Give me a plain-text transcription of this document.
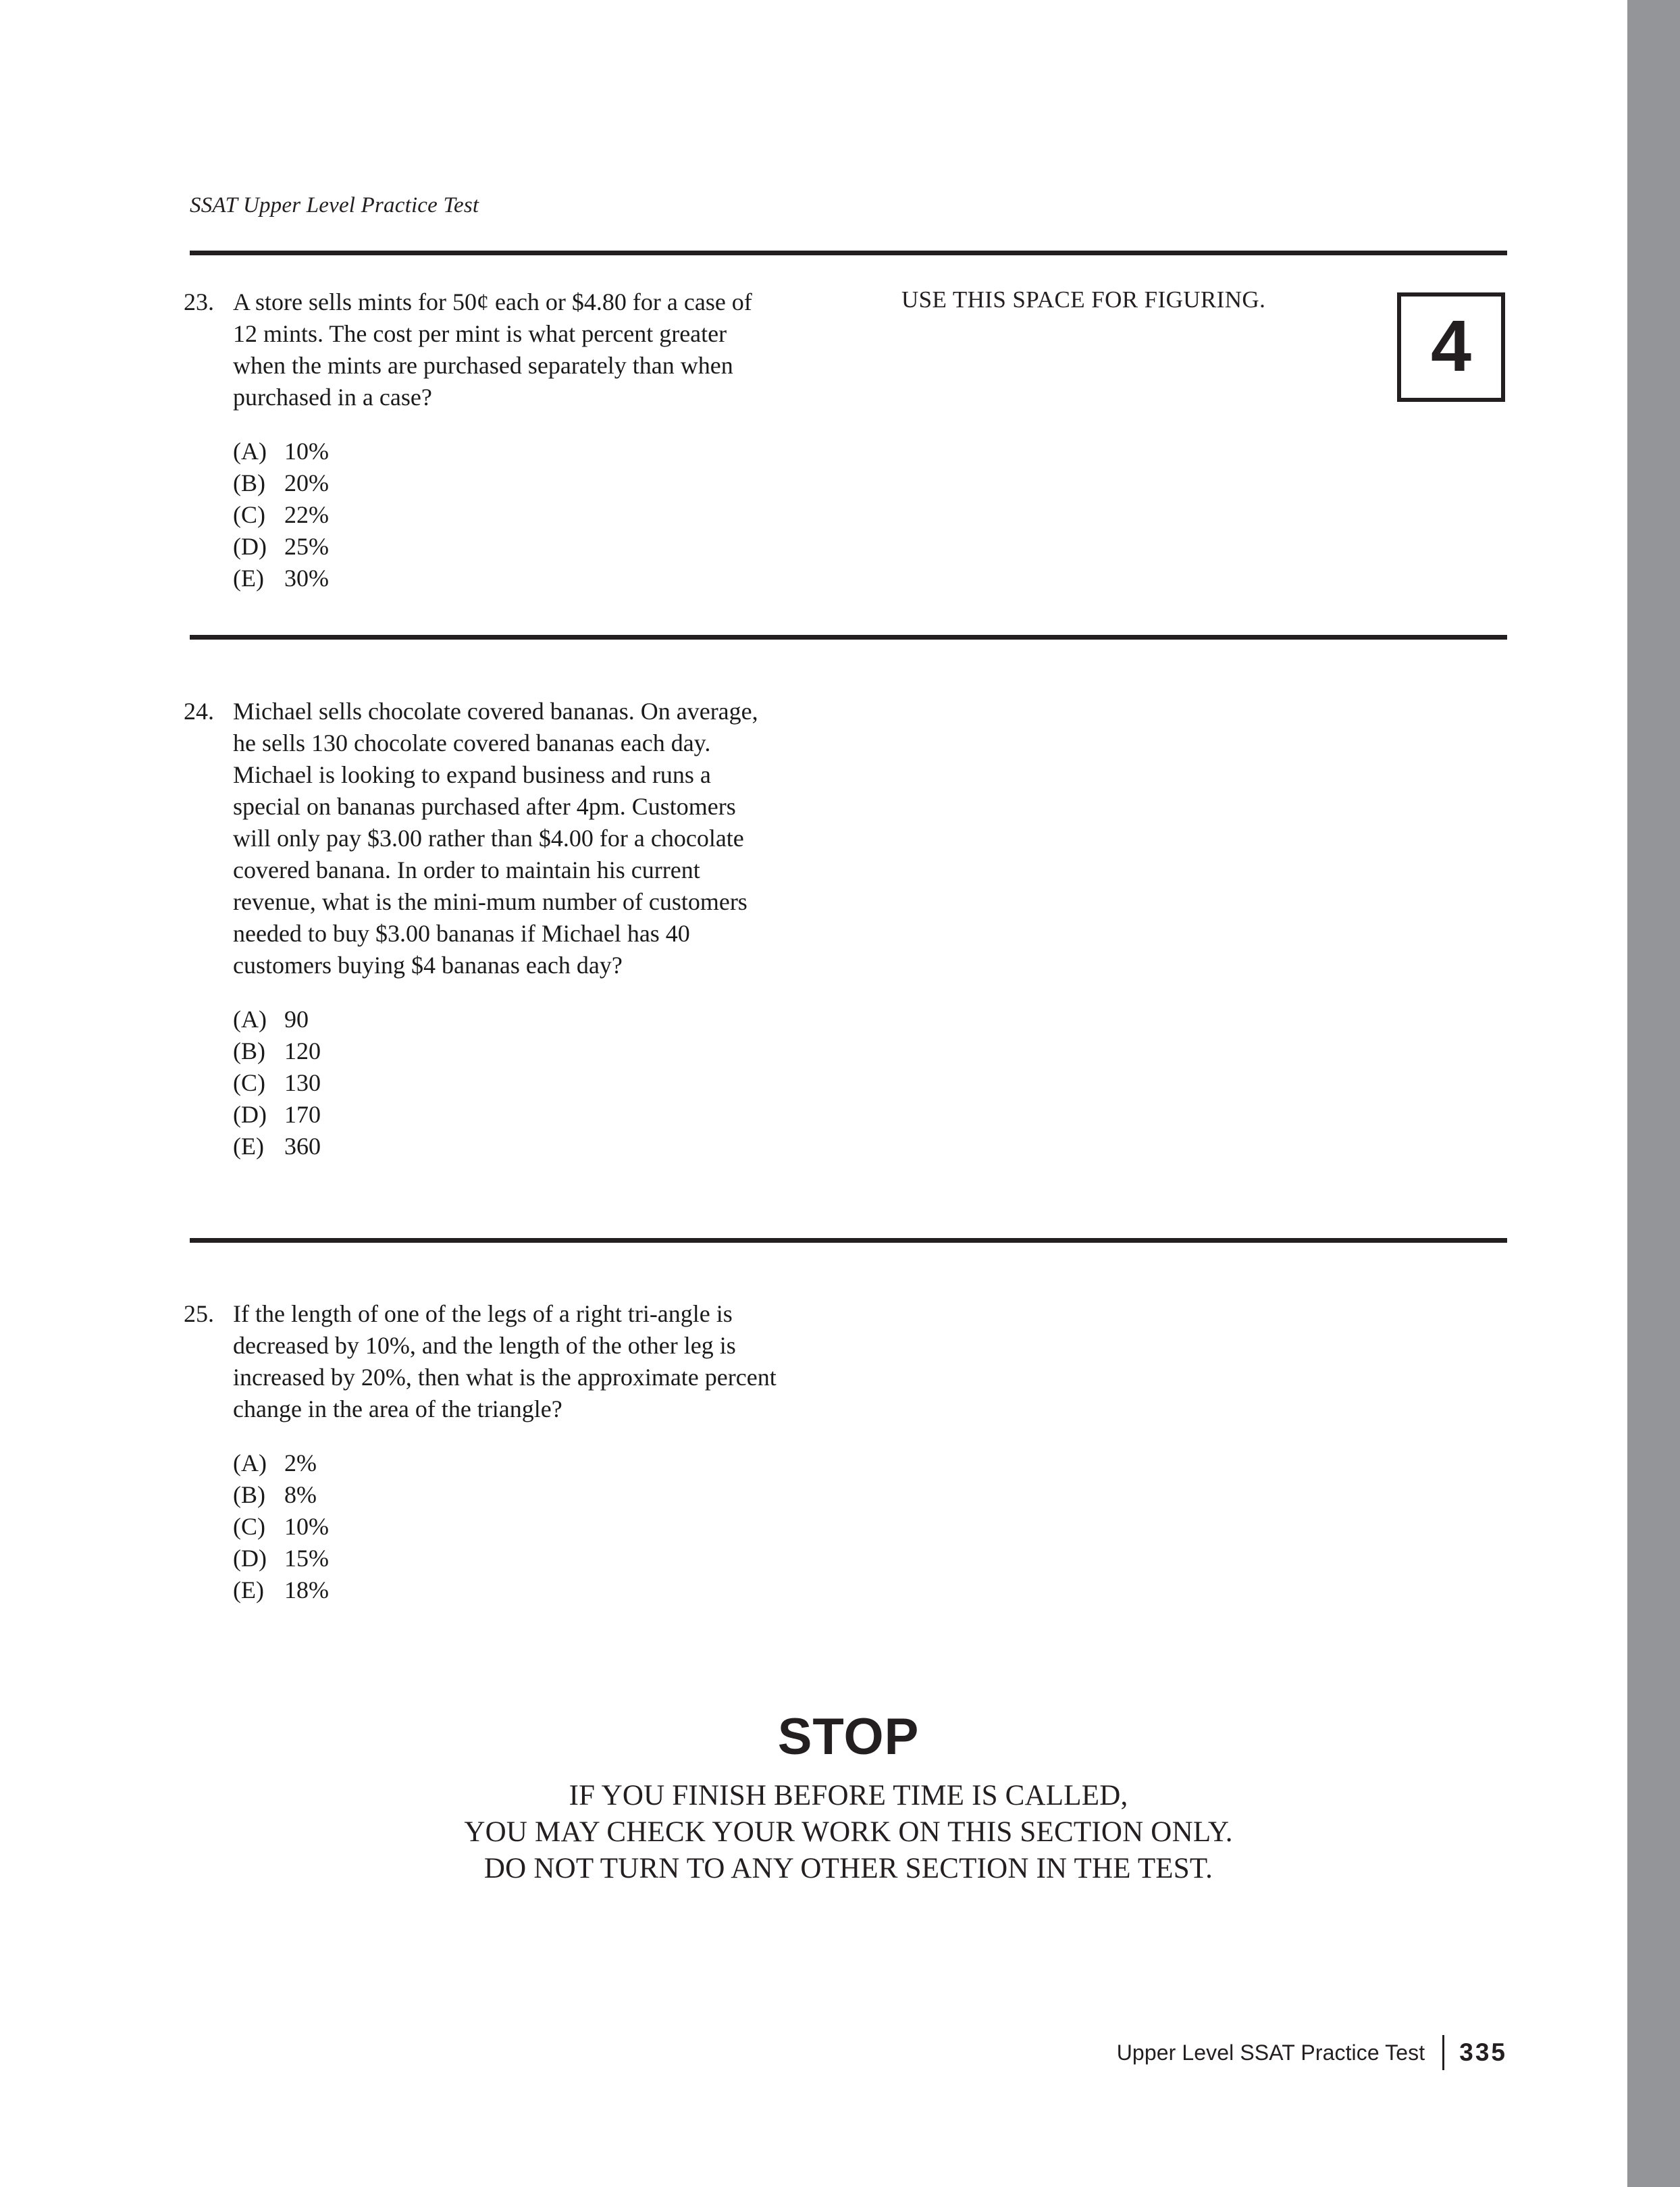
SSAT Upper Level Practice Test
USE THIS SPACE FOR FIGURING.
4
23. A store sells mints for 50¢ each or $4.80 for a case of 12 mints. The cost per mint is what percent greater when the mints are purchased separately than when purchased in a case?
(A) 10%
(B) 20%
(C) 22%
(D) 25%
(E) 30%
24. Michael sells chocolate covered bananas. On average, he sells 130 chocolate covered bananas each day. Michael is looking to expand business and runs a special on bananas purchased after 4pm. Customers will only pay $3.00 rather than $4.00 for a chocolate covered banana. In order to maintain his current revenue, what is the mini-mum number of customers needed to buy $3.00 bananas if Michael has 40 customers buying $4 bananas each day?
(A) 90
(B) 120
(C) 130
(D) 170
(E) 360
25. If the length of one of the legs of a right tri-angle is decreased by 10%, and the length of the other leg is increased by 20%, then what is the approximate percent change in the area of the triangle?
(A) 2%
(B) 8%
(C) 10%
(D) 15%
(E) 18%
STOP
IF YOU FINISH BEFORE TIME IS CALLED,
YOU MAY CHECK YOUR WORK ON THIS SECTION ONLY.
DO NOT TURN TO ANY OTHER SECTION IN THE TEST.
Upper Level SSAT Practice Test 335
